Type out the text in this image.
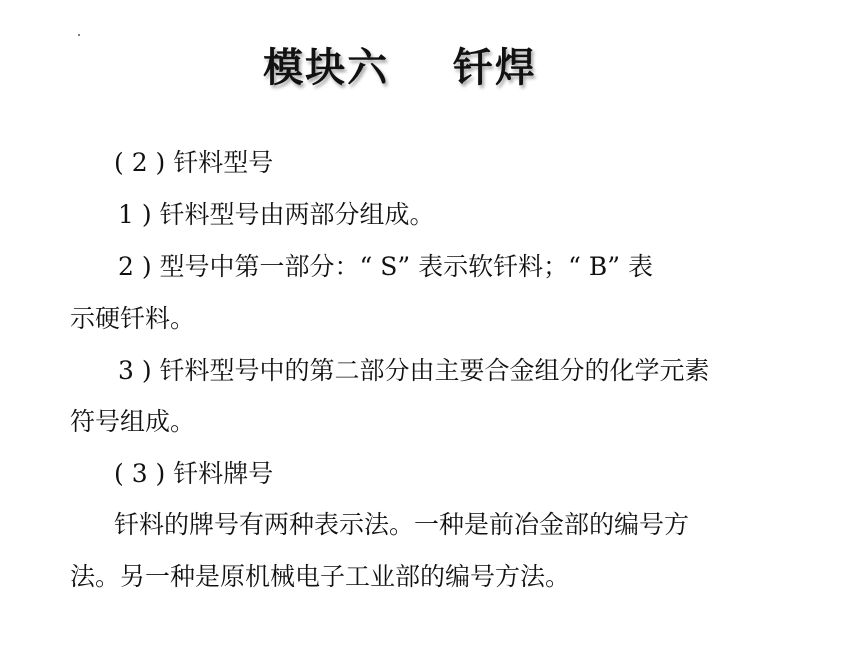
模块六    钎焊
( 2 ) 钎料型号
1 ) 钎料型号由两部分组成。
2 ) 型号中第一部分：“ S” 表示软钎料；“ B” 表
示硬钎料。
3 ) 钎料型号中的第二部分由主要合金组分的化学元素
符号组成。
( 3 ) 钎料牌号
钎料的牌号有两种表示法。一种是前冶金部的编号方
法。另一种是原机械电子工业部的编号方法。
